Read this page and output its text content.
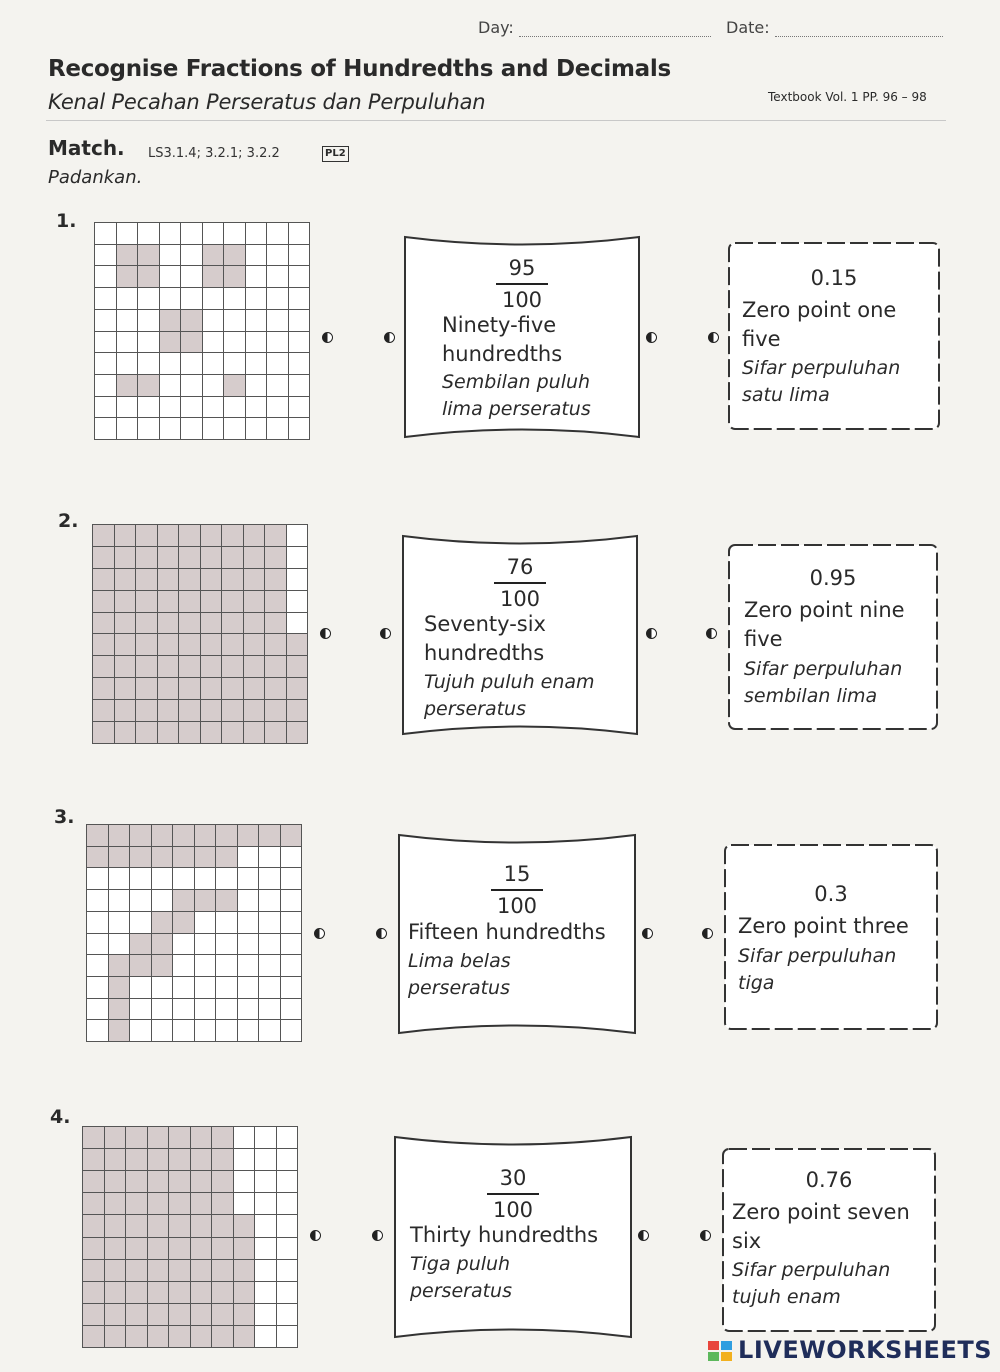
Day:	Date:
Recognise Fractions of Hundredths and Decimals
Kenal Pecahan Perseratus dan Perpuluhan	Textbook Vol. 1 PP. 96 – 98
Match. LS3.1.4; 3.2.1; 3.2.2	PL2
Padankan.
1.
95
100
Ninety-five hundredths
Sembilan puluh lima perseratus
0.15
Zero point one five
Sifar perpuluhan satu lima
2.
76
100
Seventy-six hundredths
Tujuh puluh enam perseratus
0.95
Zero point nine five
Sifar perpuluhan sembilan lima
3.
15
100
Fifteen hundredths
Lima belas perseratus
0.3
Zero point three
Sifar perpuluhan tiga
4.
30
100
Thirty hundredths
Tiga puluh perseratus
0.76
Zero point seven six
Sifar perpuluhan tujuh enam
LIVEWORKSHEETS
